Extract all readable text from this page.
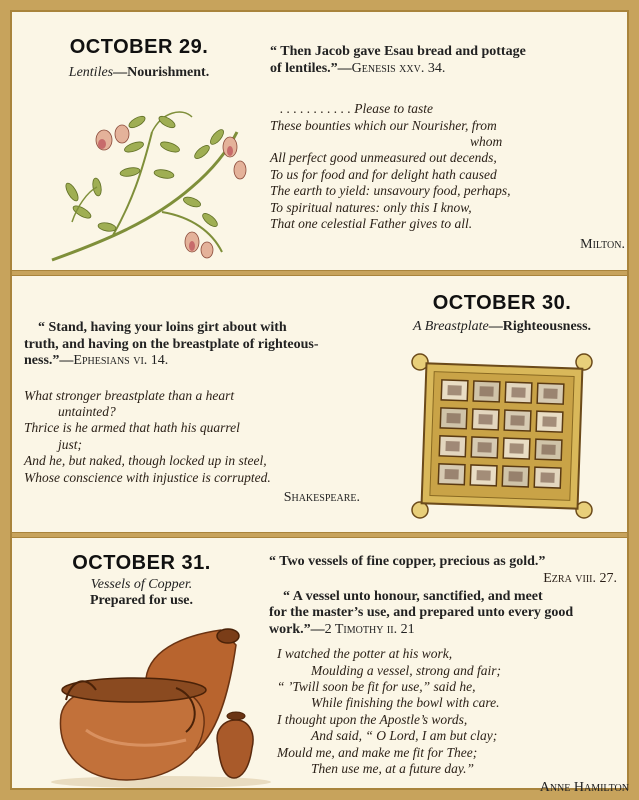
OCTOBER 29.
Lentiles—Nourishment.
“ Then Jacob gave Esau bread and pottage
of lentiles.”—Genesis xxv. 34.
. . . . . . . . . . . Please to taste
These bounties which our Nourisher, from
whom
All perfect good unmeasured out decends,
To us for food and for delight hath caused
The earth to yield: unsavoury food, perhaps,
To spiritual natures: only this I know,
That one celestial Father gives to all.
Milton.
“ Stand, having your loins girt about with
truth, and having on the breastplate of righteous-
ness.”—Ephesians vi. 14.
What stronger breastplate than a heart
untainted?
Thrice is he armed that hath his quarrel
just;
And he, but naked, though locked up in steel,
Whose conscience with injustice is corrupted.
Shakespeare.
OCTOBER 30.
A Breastplate—Righteousness.
OCTOBER 31.
Vessels of Copper.
Prepared for use.
“ Two vessels of fine copper, precious as gold.”
Ezra viii. 27.
“ A vessel unto honour, sanctified, and meet
for the master’s use, and prepared unto every good
work.”—2 Timothy ii. 21
I watched the potter at his work,
Moulding a vessel, strong and fair;
“ ’Twill soon be fit for use,” said he,
While finishing the bowl with care.
I thought upon the Apostle’s words,
And said, “ O Lord, I am but clay;
Mould me, and make me fit for Thee;
Then use me, at a future day.”
Anne Hamilton
